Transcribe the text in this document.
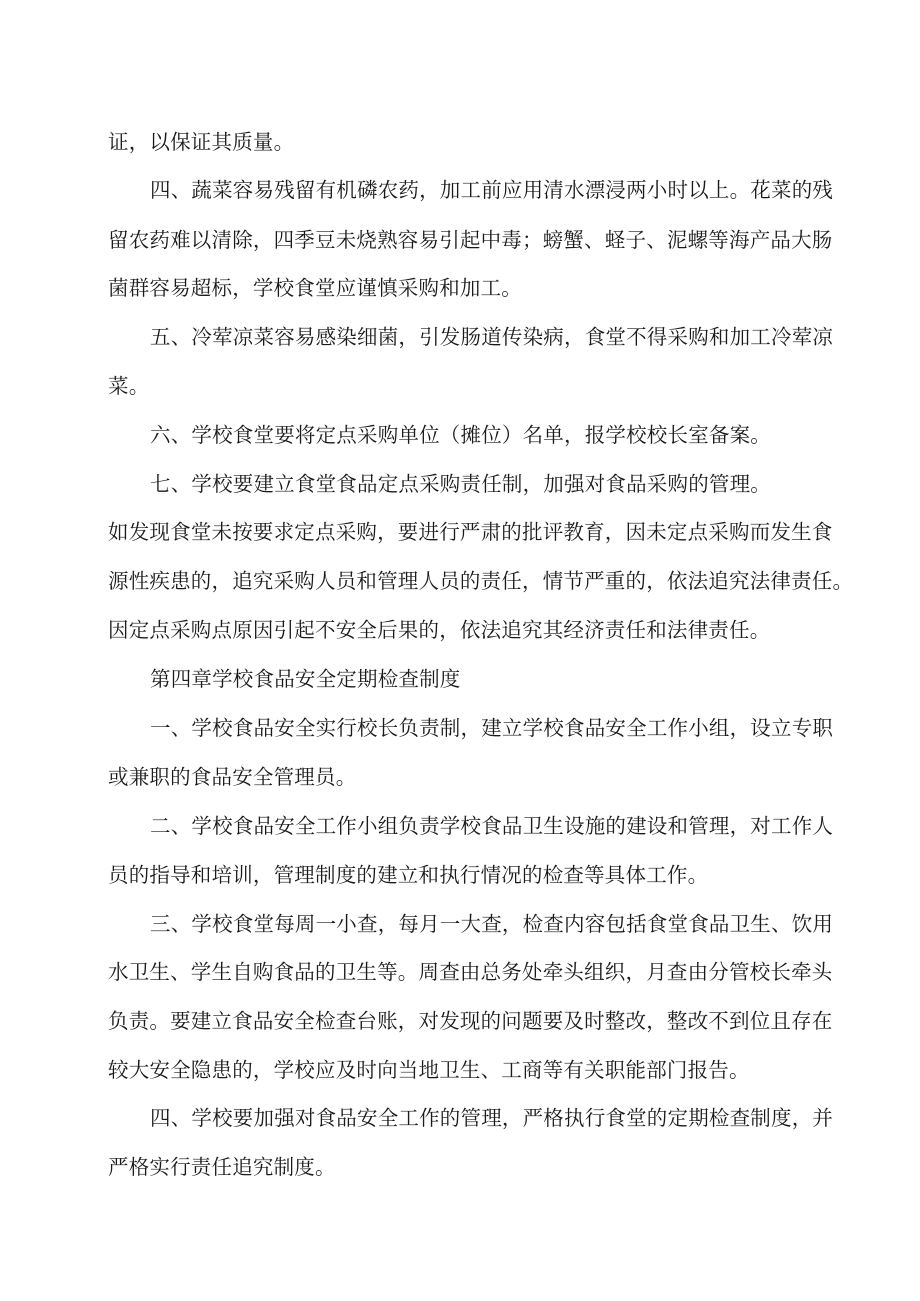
证，以保证其质量。
四、蔬菜容易残留有机磷农药，加工前应用清水漂浸两小时以上。花菜的残
留农药难以清除，四季豆未烧熟容易引起中毒；螃蟹、蛏子、泥螺等海产品大肠
菌群容易超标，学校食堂应谨慎采购和加工。
五、冷荤凉菜容易感染细菌，引发肠道传染病，食堂不得采购和加工冷荤凉
菜。
六、学校食堂要将定点采购单位（摊位）名单，报学校校长室备案。
七、学校要建立食堂食品定点采购责任制，加强对食品采购的管理。
如发现食堂未按要求定点采购，要进行严肃的批评教育，因未定点采购而发生食
源性疾患的，追究采购人员和管理人员的责任，情节严重的，依法追究法律责任。
因定点采购点原因引起不安全后果的，依法追究其经济责任和法律责任。
第四章学校食品安全定期检查制度
一、学校食品安全实行校长负责制，建立学校食品安全工作小组，设立专职
或兼职的食品安全管理员。
二、学校食品安全工作小组负责学校食品卫生设施的建设和管理，对工作人
员的指导和培训，管理制度的建立和执行情况的检查等具体工作。
三、学校食堂每周一小查，每月一大查，检查内容包括食堂食品卫生、饮用
水卫生、学生自购食品的卫生等。周查由总务处牵头组织，月查由分管校长牵头
负责。要建立食品安全检查台账，对发现的问题要及时整改，整改不到位且存在
较大安全隐患的，学校应及时向当地卫生、工商等有关职能部门报告。
四、学校要加强对食品安全工作的管理，严格执行食堂的定期检查制度，并
严格实行责任追究制度。
